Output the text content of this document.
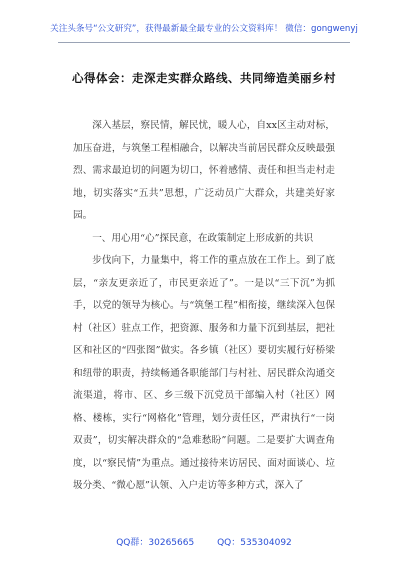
关注头条号“公文研究”，获得最新最全最专业的公文资料库！ 微信：gongwenyj
心得体会：走深走实群众路线、共同缔造美丽乡村

深入基层，察民情，解民忧，暖人心，自xx区主动对标，加压奋进，与筑堡工程相融合，以解决当前居民群众反映最强烈、需求最迫切的问题为切口，怀着感情、责任和担当走村走地，切实落实“五共”思想，广泛动员广大群众，共建美好家园。

一、用心用“心”探民意，在政策制定上形成新的共识

步伐向下，力量集中，将工作的重点放在工作上。到了底层，“亲友更亲近了，市民更亲近了”。一是以“三下沉”为抓手，以党的领导为核心。与“筑堡工程”相衔接，继续深入包保村（社区）驻点工作，把资源、服务和力量下沉到基层，把社区和社区的“四张图”做实。各乡镇（社区）要切实履行好桥梁和纽带的职责，持续畅通各职能部门与村社、居民群众沟通交流渠道，将市、区、乡三级下沉党员干部编入村（社区）网格、楼栋，实行“网格化”管理，划分责任区，严肃执行“一岗双责”，切实解决群众的“急难愁盼”问题。二是要扩大调查角度，以“察民情”为重点。通过接待来访居民、面对面谈心、垃圾分类、“微心愿”认领、入户走访等多种方式，深入了

QQ群：30265665	QQ：535304092
